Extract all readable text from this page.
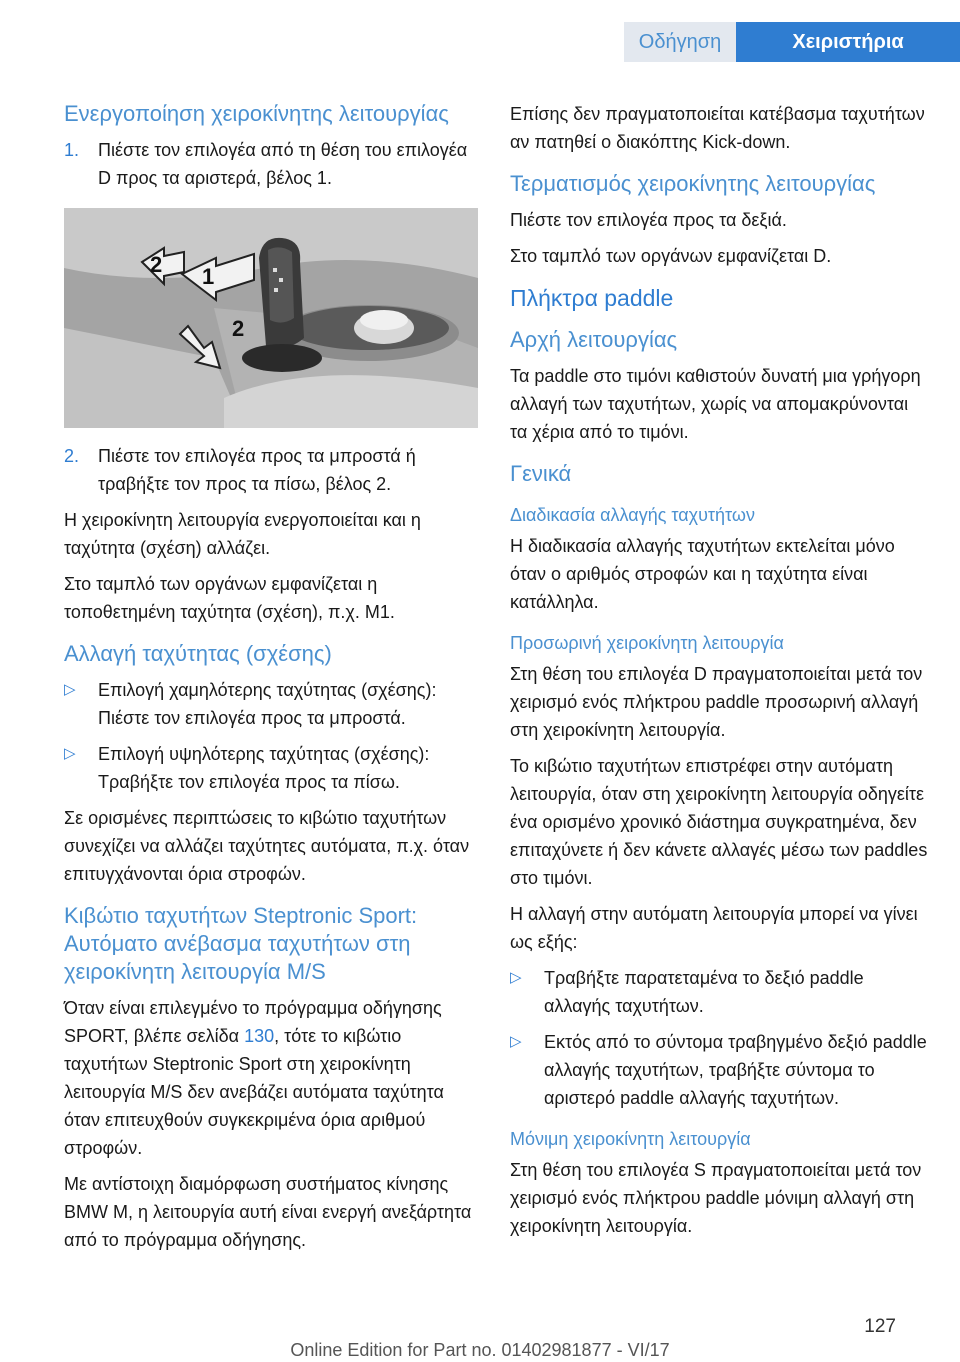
Οδήγηση	Χειριστήρια
Ενεργοποίηση χειροκίνητης λειτουργίας
1.	Πιέστε τον επιλογέα από τη θέση του επιλογέα D προς τα αριστερά, βέλος 1.
2 1
2
2.	Πιέστε τον επιλογέα προς τα μπροστά ή τραβήξτε τον προς τα πίσω, βέλος 2.

Η χειροκίνητη λειτουργία ενεργοποιείται και η ταχύτητα (σχέση) αλλάζει.

Στο ταμπλό των οργάνων εμφανίζεται η τοποθετημένη ταχύτητα (σχέση), π.χ. M1.

Αλλαγή ταχύτητας (σχέσης)
▷	Επιλογή χαμηλότερης ταχύτητας (σχέσης): Πιέστε τον επιλογέα προς τα μπροστά.
▷	Επιλογή υψηλότερης ταχύτητας (σχέσης): Τραβήξτε τον επιλογέα προς τα πίσω.

Σε ορισμένες περιπτώσεις το κιβώτιο ταχυτήτων συνεχίζει να αλλάζει ταχύτητες αυτόματα, π.χ. όταν επιτυγχάνονται όρια στροφών.

Κιβώτιο ταχυτήτων Steptronic Sport: Αυτόματο ανέβασμα ταχυτήτων στη χειροκίνητη λειτουργία M/S

Όταν είναι επιλεγμένο το πρόγραμμα οδήγησης SPORT, βλέπε σελίδα 130, τότε το κιβώτιο ταχυτήτων Steptronic Sport στη χειροκίνητη λειτουργία M/S δεν ανεβάζει αυτόματα ταχύτητα όταν επιτευχθούν συγκεκριμένα όρια αριθμού στροφών.

Με αντίστοιχη διαμόρφωση συστήματος κίνησης BMW M, η λειτουργία αυτή είναι ενεργή ανεξάρτητα από το πρόγραμμα οδήγησης.

Επίσης δεν πραγματοποιείται κατέβασμα ταχυτήτων αν πατηθεί ο διακόπτης Kick-down.

Τερματισμός χειροκίνητης λειτουργίας

Πιέστε τον επιλογέα προς τα δεξιά.

Στο ταμπλό των οργάνων εμφανίζεται D.

Πλήκτρα paddle
Αρχή λειτουργίας

Τα paddle στο τιμόνι καθιστούν δυνατή μια γρήγορη αλλαγή των ταχυτήτων, χωρίς να απομακρύνονται τα χέρια από το τιμόνι.

Γενικά
Διαδικασία αλλαγής ταχυτήτων

Η διαδικασία αλλαγής ταχυτήτων εκτελείται μόνο όταν ο αριθμός στροφών και η ταχύτητα είναι κατάλληλα.

Προσωρινή χειροκίνητη λειτουργία

Στη θέση του επιλογέα D πραγματοποιείται μετά τον χειρισμό ενός πλήκτρου paddle προσωρινή αλλαγή στη χειροκίνητη λειτουργία.

Το κιβώτιο ταχυτήτων επιστρέφει στην αυτόματη λειτουργία, όταν στη χειροκίνητη λειτουργία οδηγείτε ένα ορισμένο χρονικό διάστημα συγκρατημένα, δεν επιταχύνετε ή δεν κάνετε αλλαγές μέσω των paddles στο τιμόνι.

Η αλλαγή στην αυτόματη λειτουργία μπορεί να γίνει ως εξής:

▷	Τραβήξτε παρατεταμένα το δεξιό paddle αλλαγής ταχυτήτων.
▷	Εκτός από το σύντομα τραβηγμένο δεξιό paddle αλλαγής ταχυτήτων, τραβήξτε σύντομα το αριστερό paddle αλλαγής ταχυτήτων.
Μόνιμη χειροκίνητη λειτουργία

Στη θέση του επιλογέα S πραγματοποιείται μετά τον χειρισμό ενός πλήκτρου paddle μόνιμη αλλαγή στη χειροκίνητη λειτουργία.

127
Online Edition for Part no. 01402981877 - VI/17
